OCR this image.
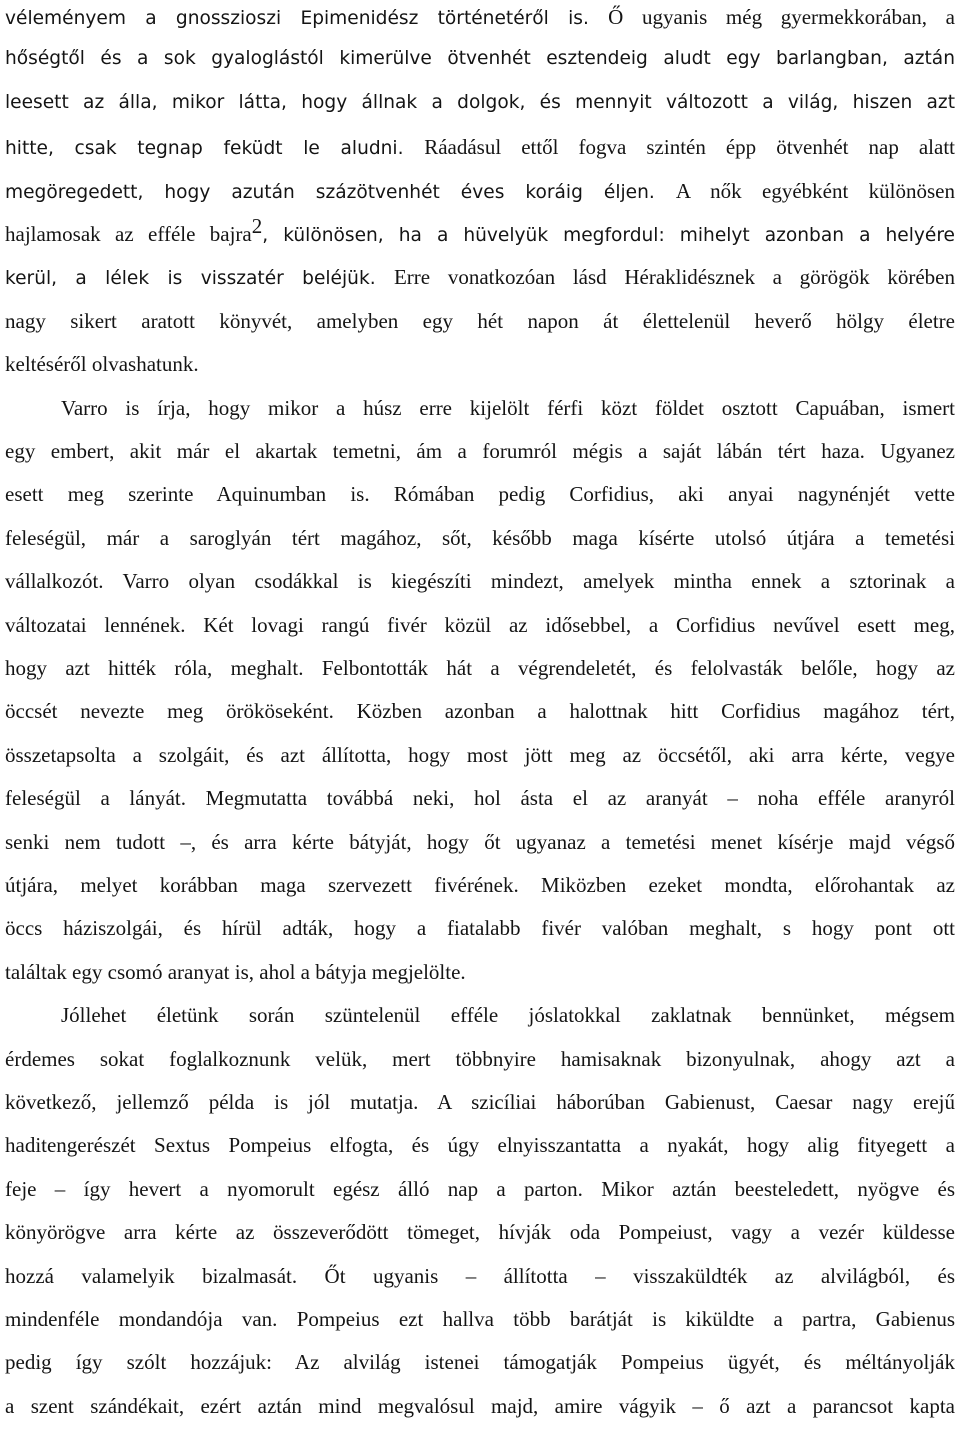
véleményem a gnosszioszi Epimenidész történetéről is. Ő ugyanis még gyermekkorában, a
hőségtől és a sok gyaloglástól kimerülve ötvenhét esztendeig aludt egy barlangban, aztán
leesett az álla, mikor látta, hogy állnak a dolgok, és mennyit változott a világ, hiszen azt
hitte, csak tegnap feküdt le aludni. Ráadásul ettől fogva szintén épp ötvenhét nap alatt
megöregedett, hogy azután százötvenhét éves koráig éljen. A nők egyébként különösen
hajlamosak az efféle bajra$^2$, különösen, ha a hüvelyük megfordul: mihelyt azonban a helyére
kerül, a lélek is visszatér beléjük. Erre vonatkozóan lásd Héraklidésznek a görögök körében
nagy sikert aratott könyvét, amelyben egy hét napon át élettelenül heverő hölgy életre
keltéséről olvashatunk.
Varro is írja, hogy mikor a húsz erre kijelölt férfi közt földet osztott Capuában, ismert
egy embert, akit már el akartak temetni, ám a forumról mégis a saját lábán tért haza. Ugyanez
esett meg szerinte Aquinumban is. Rómában pedig Corfidius, aki anyai nagynénjét vette
feleségül, már a saroglyán tért magához, sőt, később maga kísérte utolsó útjára a temetési
vállalkozót. Varro olyan csodákkal is kiegészíti mindezt, amelyek mintha ennek a sztorinak a
változatai lennének. Két lovagi rangú fivér közül az idősebbel, a Corfidius nevűvel esett meg,
hogy azt hitték róla, meghalt. Felbontották hát a végrendeletét, és felolvasták belőle, hogy az
öccsét nevezte meg örököseként. Közben azonban a halottnak hitt Corfidius magához tért,
összetapsolta a szolgáit, és azt állította, hogy most jött meg az öccsétől, aki arra kérte, vegye
feleségül a lányát. Megmutatta továbbá neki, hol ásta el az aranyát – noha efféle aranyról
senki nem tudott –, és arra kérte bátyját, hogy őt ugyanaz a temetési menet kísérje majd végső
útjára, melyet korábban maga szervezett fivérének. Miközben ezeket mondta, előrohantak az
öccs háziszolgái, és hírül adták, hogy a fiatalabb fivér valóban meghalt, s hogy pont ott
találtak egy csomó aranyat is, ahol a bátyja megjelölte.
Jóllehet életünk során szüntelenül efféle jóslatokkal zaklatnak bennünket, mégsem
érdemes sokat foglalkoznunk velük, mert többnyire hamisaknak bizonyulnak, ahogy azt a
következő, jellemző példa is jól mutatja. A szicíliai háborúban Gabienust, Caesar nagy erejű
haditengerészét Sextus Pompeius elfogta, és úgy elnyisszantatta a nyakát, hogy alig fityegett a
feje – így hevert a nyomorult egész álló nap a parton. Mikor aztán beesteledett, nyögve és
könyörögve arra kérte az összeverődött tömeget, hívják oda Pompeiust, vagy a vezér küldesse
hozzá valamelyik bizalmasát. Őt ugyanis – állította – visszaküldték az alvilágból, és
mindenféle mondandója van. Pompeius ezt hallva több barátját is kiküldte a partra, Gabienus
pedig így szólt hozzájuk: Az alvilág istenei támogatják Pompeius ügyét, és méltányolják
a szent szándékait, ezért aztán mind megvalósul majd, amire vágyik – ő azt a parancsot kapta
